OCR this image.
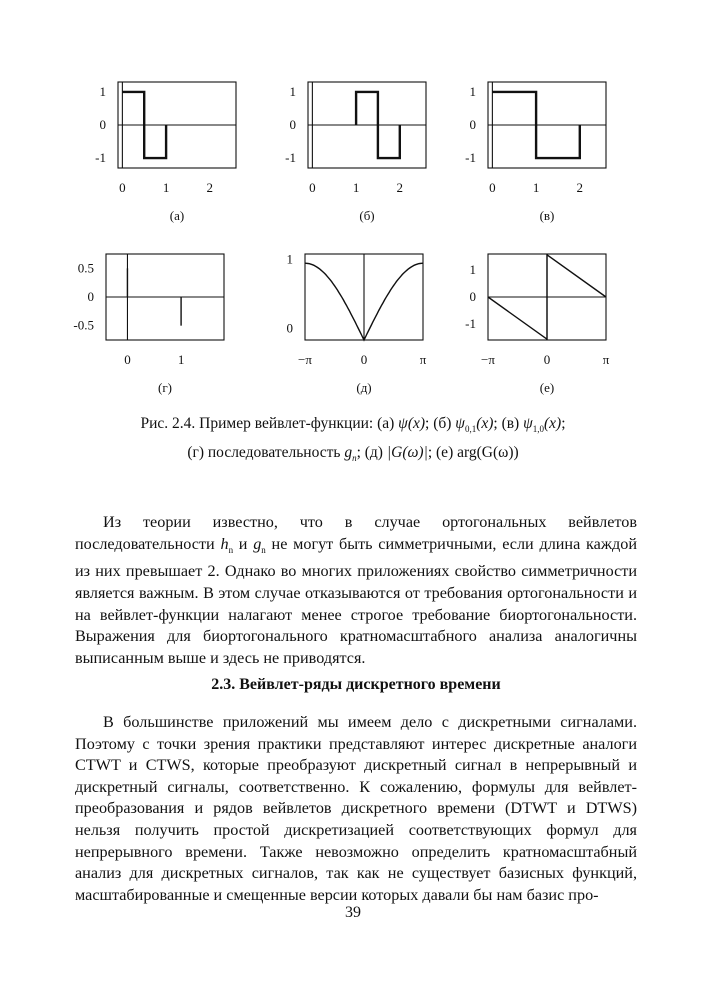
1
0
-1
0	1	2
(а)
1
0
-1
0	1	2
(б)
1
0
-1
0	1	2
(в)
0.5
0
-0.5
0	1
(г)
1
0
−π	0	π
(д)
1
0
-1
−π	0	π
(е)
Рис. 2.4. Пример вейвлет-функции: (а) ψ(x); (б) $\psi_{0,1}(x)$; (в) $\psi_{1,0}(x)$;
(г) последовательность $g_n$; (д) |G(ω)|; (е) arg(G(ω))
Из теории известно, что в случае ортогональных вейвлетов последовательности $h_n$ и $g_n$ не могут быть симметричными, если длина каждой из них превышает 2. Однако во многих приложениях свойство симметричности является важным. В этом случае отказываются от требования ортогональности и на вейвлет-функции налагают менее строгое требование биортогональности. Выражения для биортогонального кратномасштабного анализа аналогичны выписанным выше и здесь не приводятся.
2.3. Вейвлет-ряды дискретного времени
В большинстве приложений мы имеем дело с дискретными сигналами. Поэтому с точки зрения практики представляют интерес дискретные аналоги CTWT и CTWS, которые преобразуют дискретный сигнал в непрерывный и дискретный сигналы, соответственно. К сожалению, формулы для вейвлет-преобразования и рядов вейвлетов дискретного времени (DTWT и DTWS) нельзя получить простой дискретизацией соответствующих формул для непрерывного времени. Также невозможно определить кратномасштабный анализ для дискретных сигналов, так как не существует базисных функций, масштабированные и смещенные версии которых давали бы нам базис про-
39
